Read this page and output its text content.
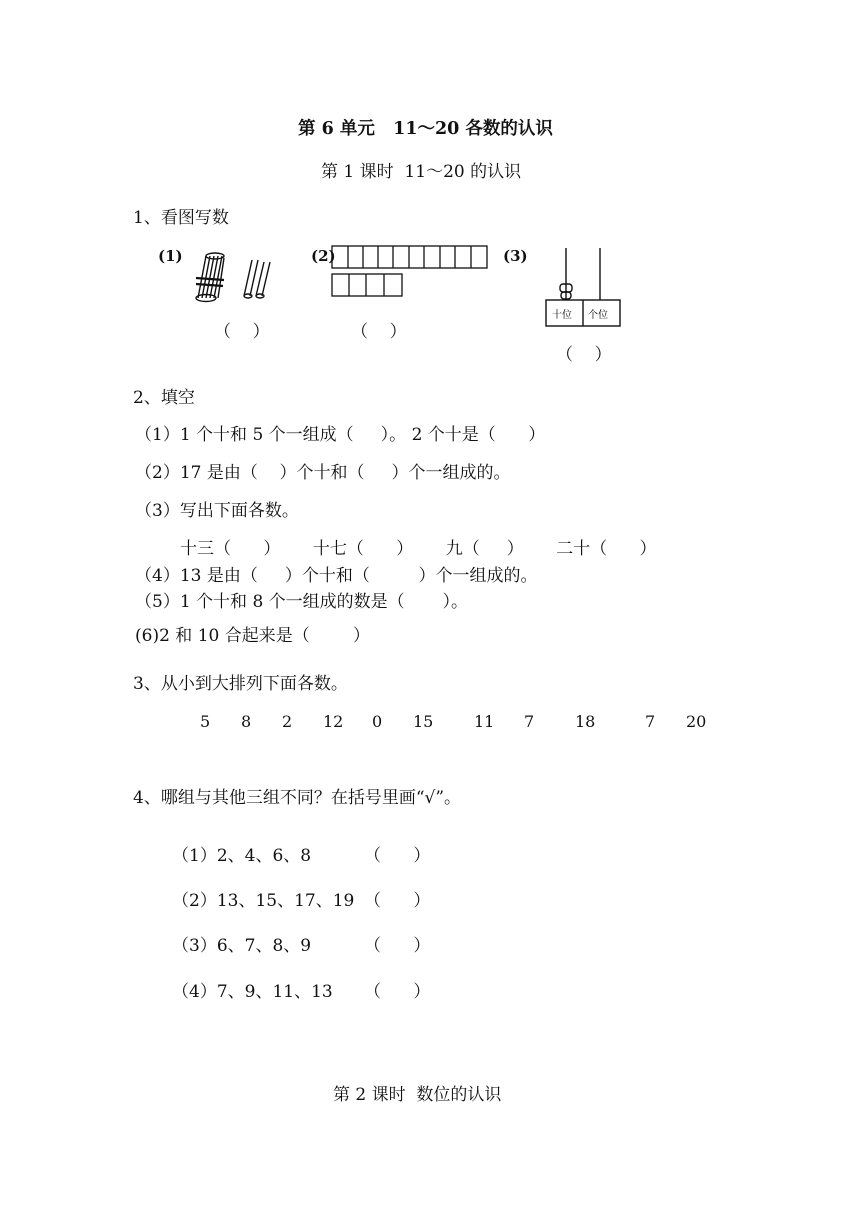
第 6 单元   11～20 各数的认识
第 1 课时  11～20 的认识
1、看图写数
(1)
（    ）
(2)
（    ）
(3)
十位 个位
（    ）
2、填空
（1）1 个十和 5 个一组成（     ）。 2 个十是（      ）
（2）17 是由（    ）个十和（     ）个一组成的。
（3）写出下面各数。
十三（      ）      十七（      ）      九（     ）      二十（      ）
（4）13 是由（     ）个十和（         ）个一组成的。
（5）1 个十和 8 个一组成的数是（       ）。
(6)2 和 10 合起来是（        ）
3、从小到大排列下面各数。
5 8 2 12 0 15	11 7	18	7 20
4、哪组与其他三组不同？在括号里画“√”。
（1）2、4、6、8	（      ）
（2）13、15、17、19 （      ）
（3）6、7、8、9	（      ）
（4）7、9、11、13 （      ）
第 2 课时  数位的认识
